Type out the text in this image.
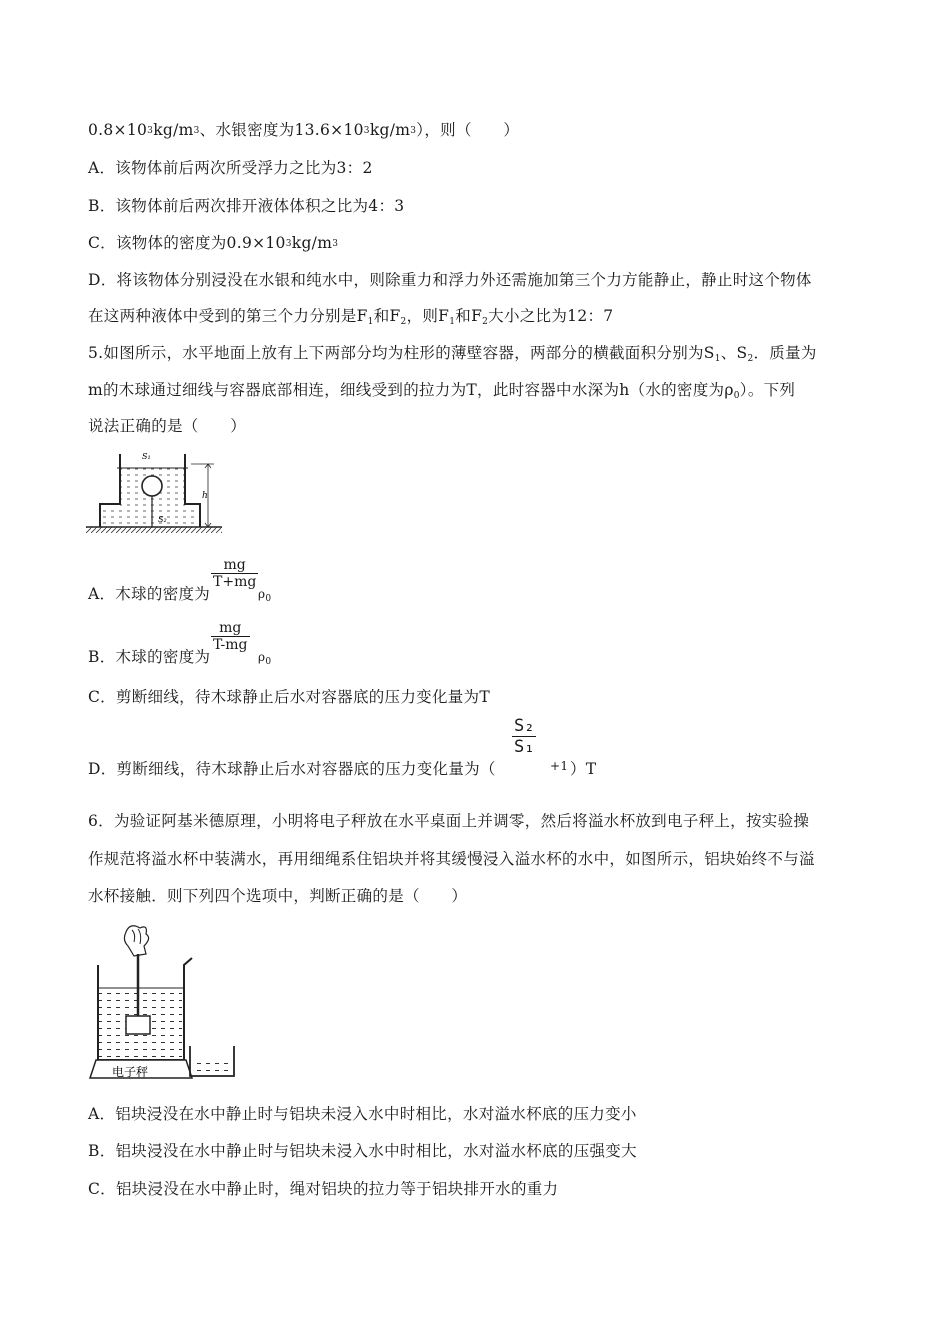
$0.8\times 10^3kg/m^3$、水银密度为$13.6\times 10^3kg/m^3$），则（　　）
A．该物体前后两次所受浮力之比为3：2
B．该物体前后两次排开液体体积之比为4：3
C．该物体的密度为$0.9\times 10^3kg/m^3$
D．将该物体分别浸没在水银和纯水中，则除重力和浮力外还需施加第三个力方能静止，静止时这个物体
在这两种液体中受到的第三个力分别是$F_1$和$F_2$，则$F_1$和$F_2$大小之比为12：7
5.如图所示，水平地面上放有上下两部分均为柱形的薄壁容器，两部分的横截面积分别为$S_1$、$S_2$．质量为
m的木球通过细线与容器底部相连，细线受到的拉力为T，此时容器中水深为h（水的密度为$\rho_0$）。下列
说法正确的是（　　）
S₁
S₂
h
A．木球的密度为
mg
T+mg
$\rho_0$
B．木球的密度为
mg
T-mg
$\rho_0$
C．剪断细线，待木球静止后水对容器底的压力变化量为T
D．剪断细线，待木球静止后水对容器底的压力变化量为（
S₂
S₁
+1 ）T
6．为验证阿基米德原理，小明将电子秤放在水平桌面上并调零，然后将溢水杯放到电子秤上，按实验操
作规范将溢水杯中装满水，再用细绳系住铝块并将其缓慢浸入溢水杯的水中，如图所示，铝块始终不与溢
水杯接触．则下列四个选项中，判断正确的是（　　）
电子秤
A．铝块浸没在水中静止时与铝块未浸入水中时相比，水对溢水杯底的压力变小
B．铝块浸没在水中静止时与铝块未浸入水中时相比，水对溢水杯底的压强变大
C．铝块浸没在水中静止时，绳对铝块的拉力等于铝块排开水的重力
